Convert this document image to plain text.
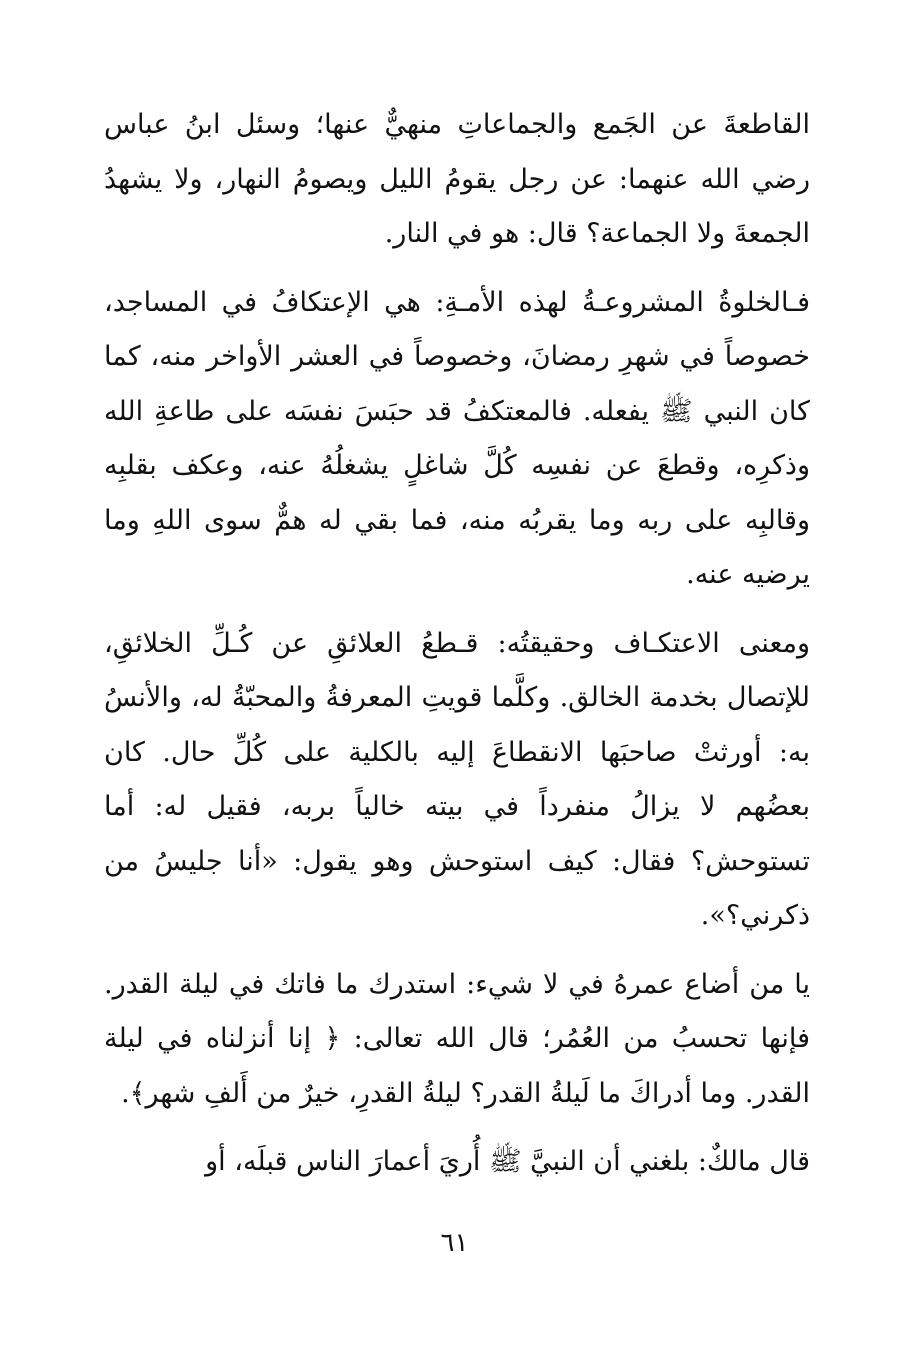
القاطعةَ عن الجَمع والجماعاتِ منهيٌّ عنها؛ وسئل ابنُ عباس رضي الله عنهما: عن رجل يقومُ الليل ويصومُ النهار، ولا يشهدُ الجمعةَ ولا الجماعة؟ قال: هو في النار.

فـالخلوةُ المشروعـةُ لهذه الأمـةِ: هي الإعتكافُ في المساجد، خصوصاً في شهرِ رمضانَ، وخصوصاً في العشر الأواخر منه، كما كان النبي ﷺ يفعله. فالمعتكفُ قد حبَسَ نفسَه على طاعةِ الله وذكرِه، وقطعَ عن نفسِه كُلَّ شاغلٍ يشغلُهُ عنه، وعكف بقلبِه وقالبِه على ربه وما يقربُه منه، فما بقي له همٌّ سوى اللهِ وما يرضيه عنه.

ومعنى الاعتكـاف وحقيقتُه: قـطعُ العلائقِ عن كُـلِّ الخلائقِ، للإتصال بخدمة الخالق. وكلَّما قويتِ المعرفةُ والمحبّةُ له، والأنسُ به: أورثتْ صاحبَها الانقطاعَ إليه بالكلية على كُلِّ حال. كان بعضُهم لا يزالُ منفرداً في بيته خالياً بربه، فقيل له: أما تستوحش؟ فقال: كيف استوحش وهو يقول: «أنا جليسُ من ذكرني؟».

يا من أضاع عمرهُ في لا شيء: استدرك ما فاتك في ليلة القدر. فإنها تحسبُ من العُمُر؛ قال الله تعالى: ﴿ إنا أنزلناه في ليلة القدر. وما أدراكَ ما لَيلةُ القدر؟ ليلةُ القدرِ، خيرٌ من أَلفِ شهر﴾.

قال مالكٌ: بلغني أن النبيَّ ﷺ أُريَ أعمارَ الناس قبلَه، أو

٦١
